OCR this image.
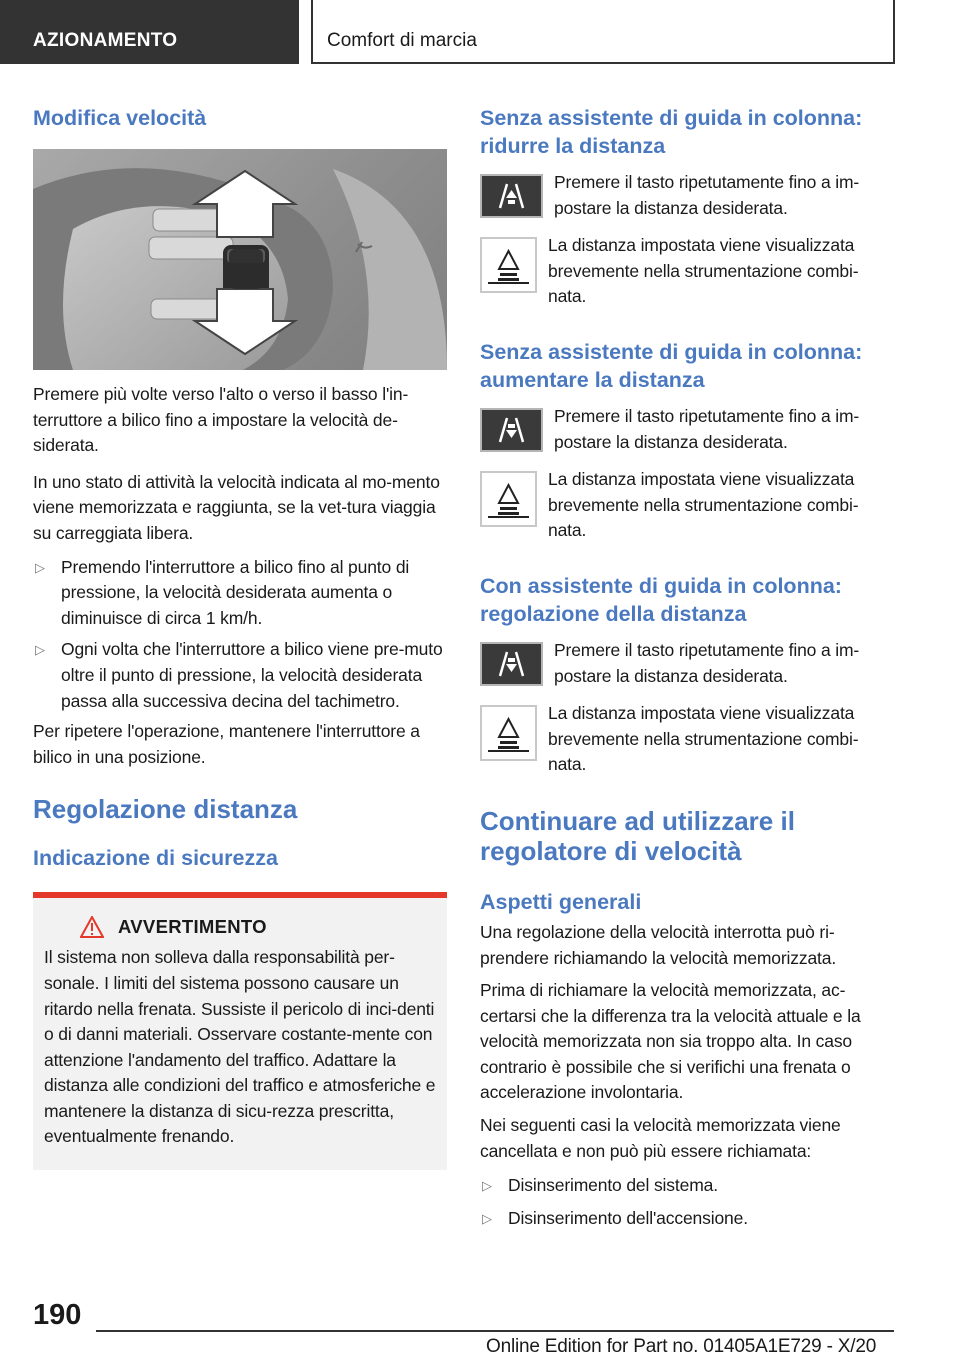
AZIONAMENTO	Comfort di marcia
Modifica velocità

Premere più volte verso l'alto o verso il basso l'in-terruttore a bilico fino a impostare la velocità de-siderata.

In uno stato di attività la velocità indicata al mo-mento viene memorizzata e raggiunta, se la vet-tura viaggia su carreggiata libera.

▷ Premendo l'interruttore a bilico fino al punto di pressione, la velocità desiderata aumenta o diminuisce di circa 1 km/h.
▷ Ogni volta che l'interruttore a bilico viene pre-muto oltre il punto di pressione, la velocità desiderata passa alla successiva decina del tachimetro.

Per ripetere l'operazione, mantenere l'interruttore a bilico in una posizione.

Regolazione distanza
Indicazione di sicurezza
AVVERTIMENTO

Il sistema non solleva dalla responsabilità per-sonale. I limiti del sistema possono causare un ritardo nella frenata. Sussiste il pericolo di inci-denti o di danni materiali. Osservare costante-mente con attenzione l'andamento del traffico. Adattare la distanza alle condizioni del traffico e atmosferiche e mantenere la distanza di sicu-rezza prescritta, eventualmente frenando.

Senza assistente di guida in colonna: ridurre la distanza

Premere il tasto ripetutamente fino a im-postare la distanza desiderata.

La distanza impostata viene visualizzata brevemente nella strumentazione combi-nata.

Senza assistente di guida in colonna: aumentare la distanza

Premere il tasto ripetutamente fino a im-postare la distanza desiderata.

La distanza impostata viene visualizzata brevemente nella strumentazione combi-nata.

Con assistente di guida in colonna: regolazione della distanza

Premere il tasto ripetutamente fino a im-postare la distanza desiderata.

La distanza impostata viene visualizzata brevemente nella strumentazione combi-nata.

Continuare ad utilizzare il regolatore di velocità
Aspetti generali

Una regolazione della velocità interrotta può ri-prendere richiamando la velocità memorizzata.

Prima di richiamare la velocità memorizzata, ac-certarsi che la differenza tra la velocità attuale e la velocità memorizzata non sia troppo alta. In caso contrario è possibile che si verifichi una frenata o accelerazione involontaria.

Nei seguenti casi la velocità memorizzata viene cancellata e non può più essere richiamata:

▷ Disinserimento del sistema.
▷ Disinserimento dell'accensione.
190
Online Edition for Part no. 01405A1E729 - X/20
